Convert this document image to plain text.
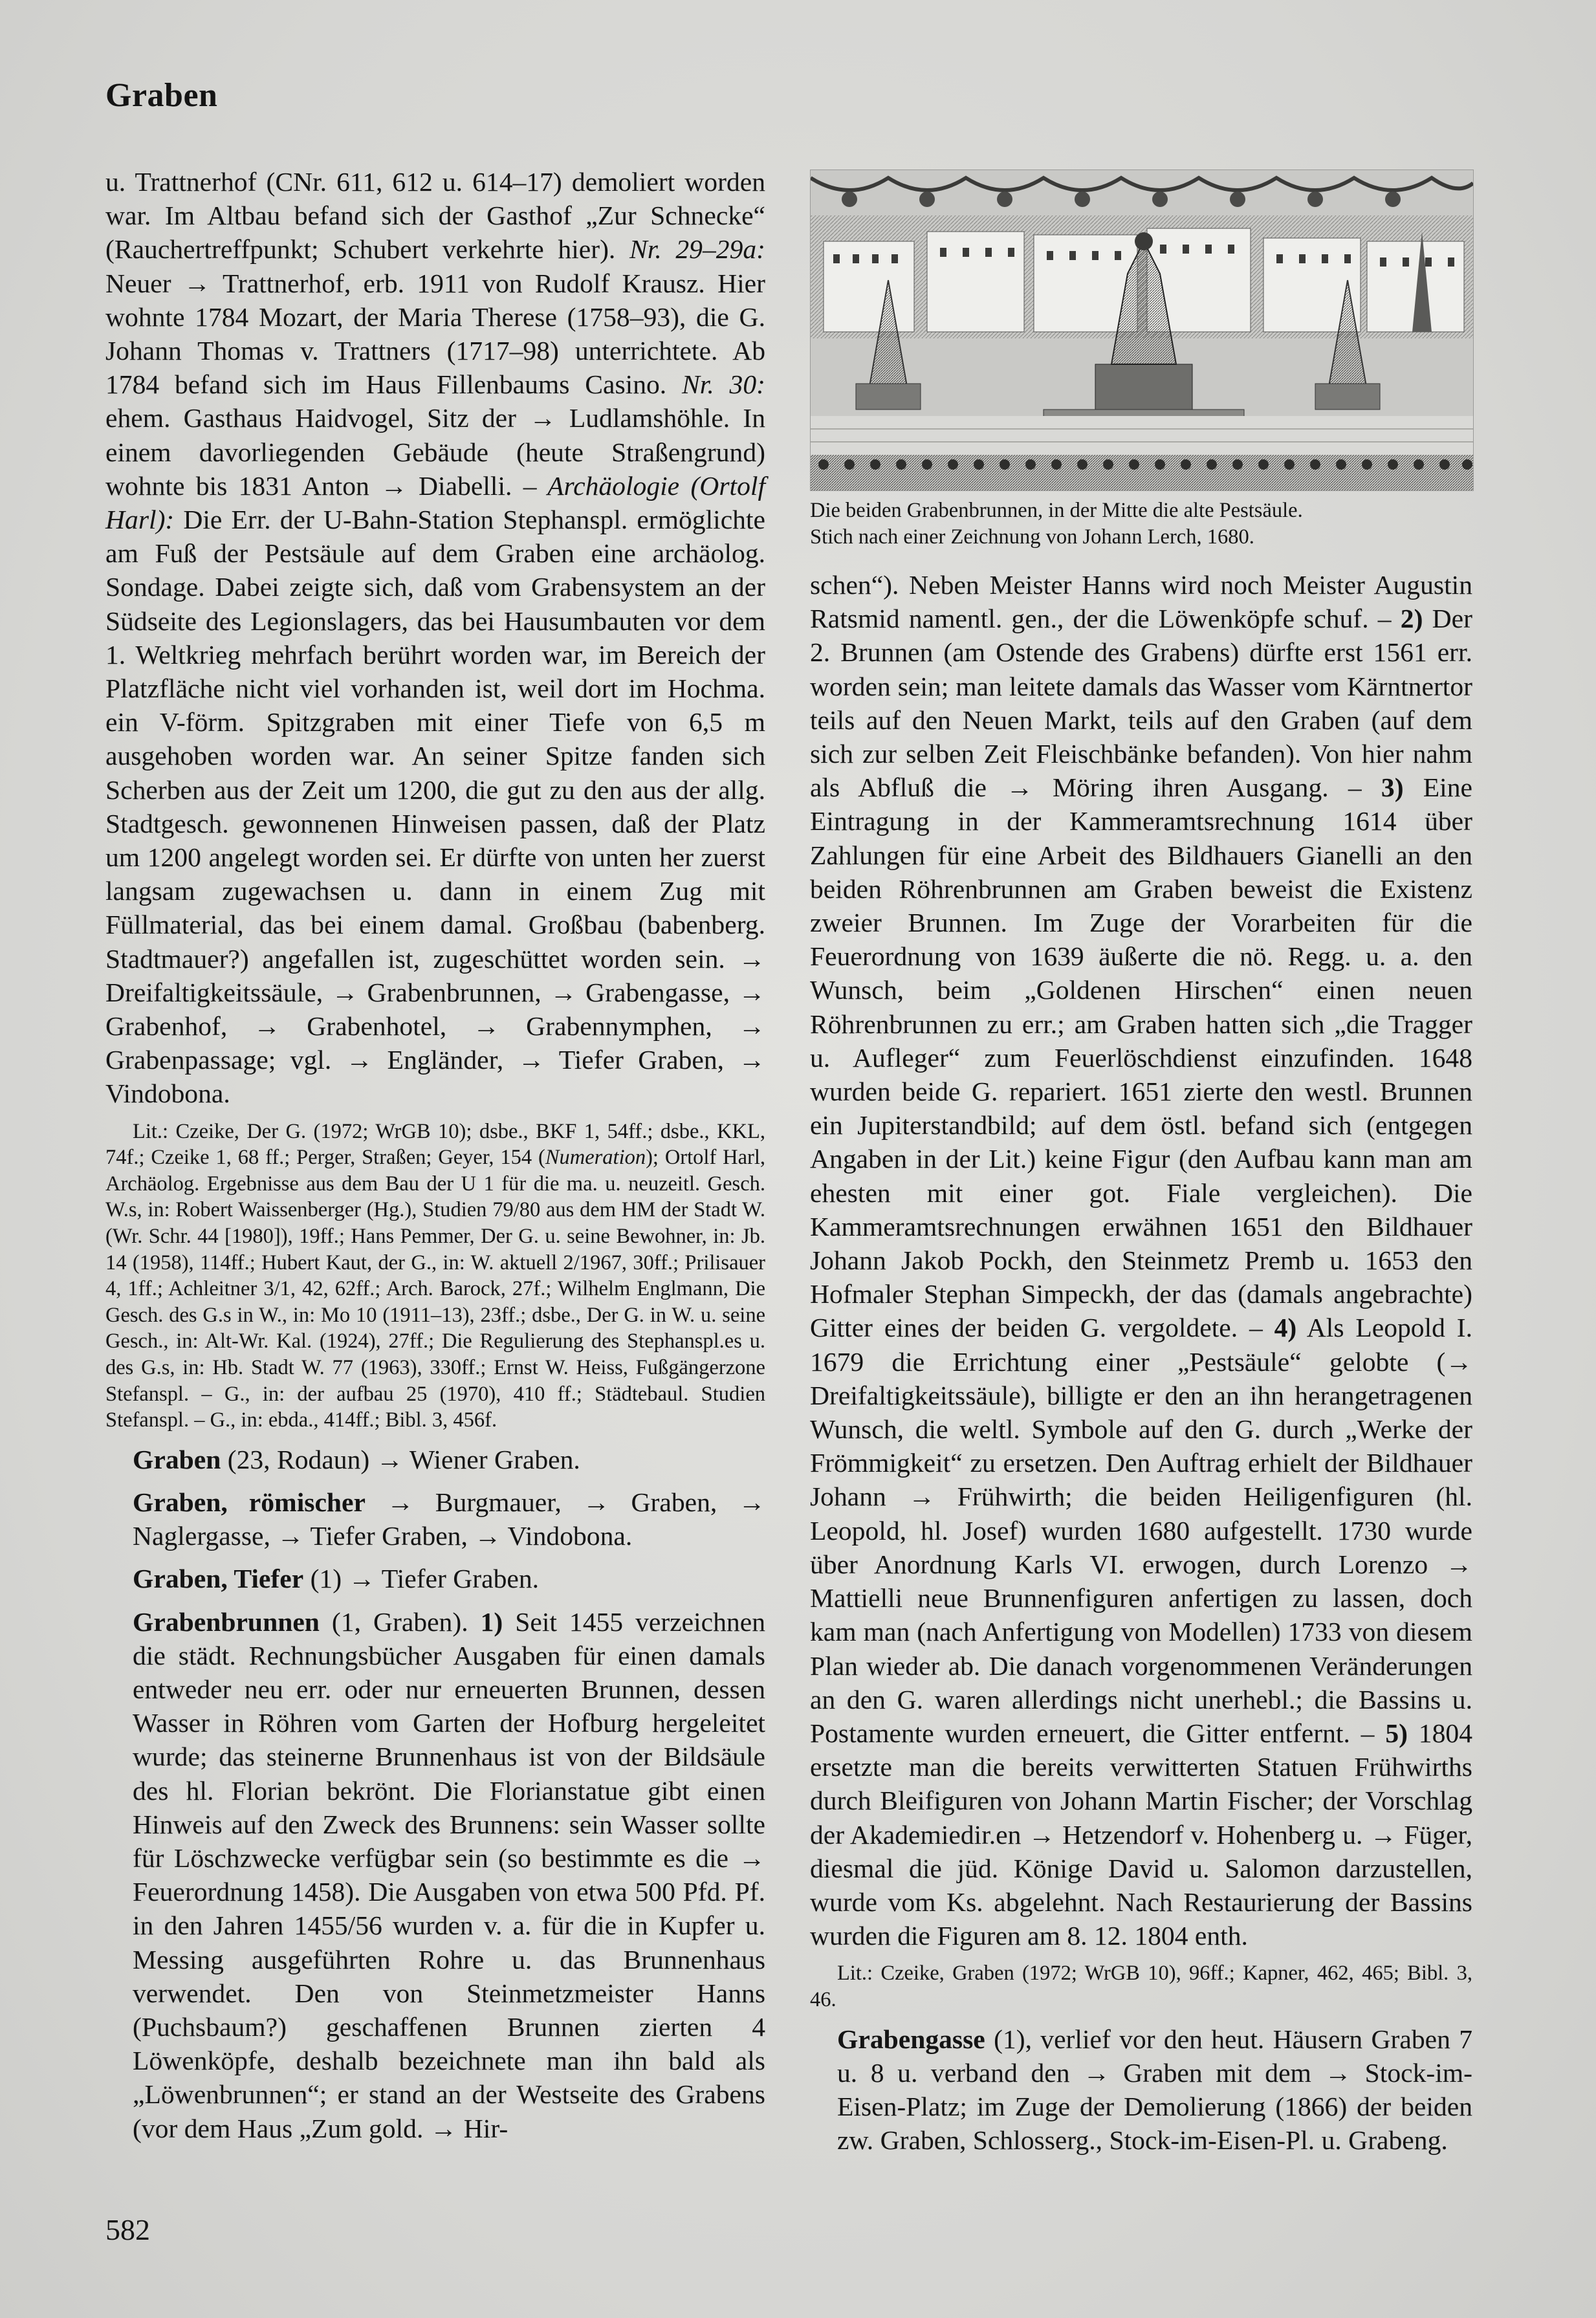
Graben

u. Trattnerhof (CNr. 611, 612 u. 614–17) demoliert worden war. Im Altbau befand sich der Gasthof „Zur Schnecke“ (Rauchertreffpunkt; Schubert verkehrte hier). Nr. 29–29a: Neuer → Trattnerhof, erb. 1911 von Rudolf Krausz. Hier wohnte 1784 Mozart, der Maria Therese (1758–93), die G. Johann Thomas v. Trattners (1717–98) unterrichtete. Ab 1784 befand sich im Haus Fillenbaums Casino. Nr. 30: ehem. Gasthaus Haidvogel, Sitz der → Ludlamshöhle. In einem davorliegenden Gebäude (heute Straßengrund) wohnte bis 1831 Anton → Diabelli. – Archäologie (Ortolf Harl): Die Err. der U-Bahn-Station Stephanspl. ermöglichte am Fuß der Pestsäule auf dem Graben eine archäolog. Sondage. Dabei zeigte sich, daß vom Grabensystem an der Südseite des Legionslagers, das bei Hausumbauten vor dem 1. Weltkrieg mehrfach berührt worden war, im Bereich der Platzfläche nicht viel vorhanden ist, weil dort im Hochma. ein V-förm. Spitzgraben mit einer Tiefe von 6,5 m ausgehoben worden war. An seiner Spitze fanden sich Scherben aus der Zeit um 1200, die gut zu den aus der allg. Stadtgesch. gewonnenen Hinweisen passen, daß der Platz um 1200 angelegt worden sei. Er dürfte von unten her zuerst langsam zugewachsen u. dann in einem Zug mit Füllmaterial, das bei einem damal. Großbau (babenberg. Stadtmauer?) angefallen ist, zugeschüttet worden sein. → Dreifaltigkeitssäule, → Grabenbrunnen, → Grabengasse, → Grabenhof, → Grabenhotel, → Grabennymphen, → Grabenpassage; vgl. → Engländer, → Tiefer Graben, → Vindobona.

Lit.: Czeike, Der G. (1972; WrGB 10); dsbe., BKF 1, 54ff.; dsbe., KKL, 74f.; Czeike 1, 68 ff.; Perger, Straßen; Geyer, 154 (Numeration); Ortolf Harl, Archäolog. Ergebnisse aus dem Bau der U 1 für die ma. u. neuzeitl. Gesch. W.s, in: Robert Waissenberger (Hg.), Studien 79/80 aus dem HM der Stadt W. (Wr. Schr. 44 [1980]), 19ff.; Hans Pemmer, Der G. u. seine Bewohner, in: Jb. 14 (1958), 114ff.; Hubert Kaut, der G., in: W. aktuell 2/1967, 30ff.; Prilisauer 4, 1ff.; Achleitner 3/1, 42, 62ff.; Arch. Barock, 27f.; Wilhelm Englmann, Die Gesch. des G.s in W., in: Mo 10 (1911–13), 23ff.; dsbe., Der G. in W. u. seine Gesch., in: Alt-Wr. Kal. (1924), 27ff.; Die Regulierung des Stephanspl.es u. des G.s, in: Hb. Stadt W. 77 (1963), 330ff.; Ernst W. Heiss, Fußgängerzone Stefanspl. – G., in: der aufbau 25 (1970), 410 ff.; Städtebaul. Studien Stefanspl. – G., in: ebda., 414ff.; Bibl. 3, 456f.

Graben (23, Rodaun) → Wiener Graben.

Graben, römischer → Burgmauer, → Graben, → Naglergasse, → Tiefer Graben, → Vindobona.

Graben, Tiefer (1) → Tiefer Graben.

Grabenbrunnen (1, Graben). 1) Seit 1455 verzeichnen die städt. Rechnungsbücher Ausgaben für einen damals entweder neu err. oder nur erneuerten Brunnen, dessen Wasser in Röhren vom Garten der Hofburg hergeleitet wurde; das steinerne Brunnenhaus ist von der Bildsäule des hl. Florian bekrönt. Die Florianstatue gibt einen Hinweis auf den Zweck des Brunnens: sein Wasser sollte für Löschzwecke verfügbar sein (so bestimmte es die → Feuerordnung 1458). Die Ausgaben von etwa 500 Pfd. Pf. in den Jahren 1455/56 wurden v. a. für die in Kupfer u. Messing ausgeführten Rohre u. das Brunnenhaus verwendet. Den von Steinmetzmeister Hanns (Puchsbaum?) geschaffenen Brunnen zierten 4 Löwenköpfe, deshalb bezeichnete man ihn bald als „Löwenbrunnen“; er stand an der Westseite des Grabens (vor dem Haus „Zum gold. → Hir-

Die beiden Grabenbrunnen, in der Mitte die alte Pestsäule.
Stich nach einer Zeichnung von Johann Lerch, 1680.

schen“). Neben Meister Hanns wird noch Meister Augustin Ratsmid namentl. gen., der die Löwenköpfe schuf. – 2) Der 2. Brunnen (am Ostende des Grabens) dürfte erst 1561 err. worden sein; man leitete damals das Wasser vom Kärntnertor teils auf den Neuen Markt, teils auf den Graben (auf dem sich zur selben Zeit Fleischbänke befanden). Von hier nahm als Abfluß die → Möring ihren Ausgang. – 3) Eine Eintragung in der Kammeramtsrechnung 1614 über Zahlungen für eine Arbeit des Bildhauers Gianelli an den beiden Röhrenbrunnen am Graben beweist die Existenz zweier Brunnen. Im Zuge der Vorarbeiten für die Feuerordnung von 1639 äußerte die nö. Regg. u. a. den Wunsch, beim „Goldenen Hirschen“ einen neuen Röhrenbrunnen zu err.; am Graben hatten sich „die Tragger u. Aufleger“ zum Feuerlöschdienst einzufinden. 1648 wurden beide G. repariert. 1651 zierte den westl. Brunnen ein Jupiterstandbild; auf dem östl. befand sich (entgegen Angaben in der Lit.) keine Figur (den Aufbau kann man am ehesten mit einer got. Fiale vergleichen). Die Kammeramtsrechnungen erwähnen 1651 den Bildhauer Johann Jakob Pockh, den Steinmetz Premb u. 1653 den Hofmaler Stephan Simpeckh, der das (damals angebrachte) Gitter eines der beiden G. vergoldete. – 4) Als Leopold I. 1679 die Errichtung einer „Pestsäule“ gelobte (→ Dreifaltigkeitssäule), billigte er den an ihn herangetragenen Wunsch, die weltl. Symbole auf den G. durch „Werke der Frömmigkeit“ zu ersetzen. Den Auftrag erhielt der Bildhauer Johann → Frühwirth; die beiden Heiligenfiguren (hl. Leopold, hl. Josef) wurden 1680 aufgestellt. 1730 wurde über Anordnung Karls VI. erwogen, durch Lorenzo → Mattielli neue Brunnenfiguren anfertigen zu lassen, doch kam man (nach Anfertigung von Modellen) 1733 von diesem Plan wieder ab. Die danach vorgenommenen Veränderungen an den G. waren allerdings nicht unerhebl.; die Bassins u. Postamente wurden erneuert, die Gitter entfernt. – 5) 1804 ersetzte man die bereits verwitterten Statuen Frühwirths durch Bleifiguren von Johann Martin Fischer; der Vorschlag der Akademiedir.en → Hetzendorf v. Hohenberg u. → Füger, diesmal die jüd. Könige David u. Salomon darzustellen, wurde vom Ks. abgelehnt. Nach Restaurierung der Bassins wurden die Figuren am 8. 12. 1804 enth.

Lit.: Czeike, Graben (1972; WrGB 10), 96ff.; Kapner, 462, 465; Bibl. 3, 46.

Grabengasse (1), verlief vor den heut. Häusern Graben 7 u. 8 u. verband den → Graben mit dem → Stock-im-Eisen-Platz; im Zuge der Demolierung (1866) der beiden zw. Graben, Schlosserg., Stock-im-Eisen-Pl. u. Grabeng.

582
